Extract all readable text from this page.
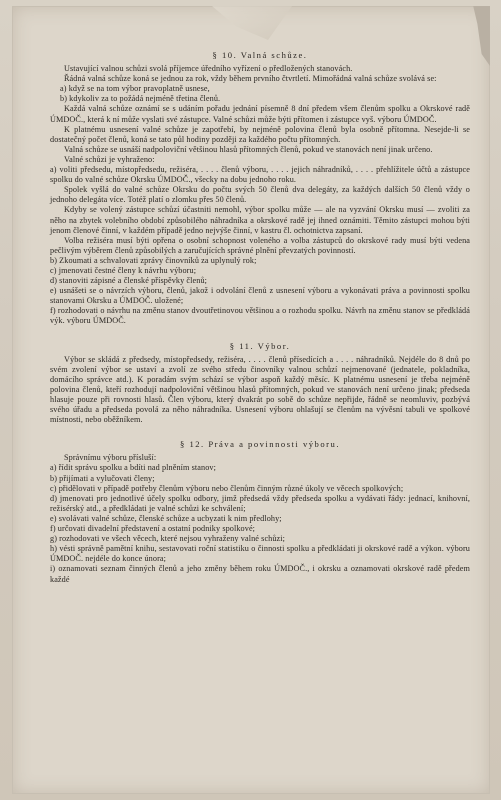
§ 10. Valná schůze.

Ustavující valnou schůzi svolá příjemce úředního vyřízení o předložených stanovách.

Řádná valná schůze koná se jednou za rok, vždy během prvního čtvrtletí. Mimořádná valná schůze svolává se:

a) když se na tom výbor pravoplatně usnese,

b) kdykoliv za to požádá nejméně třetina členů.

Každá valná schůze oznámí se s udáním pořadu jednání písemně 8 dní předem všem členům spolku a Okrskové radě ÚMDOČ., která k ní může vyslati své zástupce. Valné schůzi může býti přítomen i zástupce vyš. výboru ÚMDOČ.

K platnému usnesení valné schůze je zapotřebí, by nejméně polovina členů byla osobně přítomna. Nesejde-li se dostatečný počet členů, koná se tato půl hodiny později za každého počtu přítomných.

Valná schůze se usnáší nadpoloviční většinou hlasů přítomných členů, pokud ve stanovách není jinak určeno.

Valné schůzi je vyhraženo:

a) voliti předsedu, místopředsedu, režiséra, . . . . členů výboru, . . . . jejich náhradníků, . . . . přehlížitele účtů a zástupce spolku do valné schůze Okrsku ÚMDOČ., všecky na dobu jednoho roku.

Spolek vyšlá do valné schůze Okrsku do počtu svých 50 členů dva delegáty, za každých dalších 50 členů vždy o jednoho delegáta více. Totéž platí o zlomku přes 50 členů.

Kdyby se volený zástupce schůzí účastniti nemohl, výbor spolku může — ale na vyzvání Okrsku musí — zvoliti za něho na zbytek volebního období způsobilého náhradníka a okrskové radě jej ihned oznámiti. Těmito zástupci mohou býti jenom členové činní, v každém případě jedno nejvýše činní, v kastru čl. ochotnictva zapsaní.

Volba režiséra musí býti opřena o osobní schopnost voleného a volba zástupců do okrskové rady musí býti vedena pečlivým výběrem členů způsobilých a zaručujících správné plnění převzatých povinností.

b) Zkoumati a schvalovati zprávy činovníků za uplynulý rok;

c) jmenovati čestné členy k návrhu výboru;

d) stanoviti zápisné a členské příspěvky členů;

e) usnášeti se o návrzích výboru, členů, jakož i odvolání členů z usnesení výboru a vykonávati práva a povinnosti spolku stanovami Okrsku a ÚMDOČ. uložené;

f) rozhodovati o návrhu na změnu stanov dvoutřetinovou většinou a o rozhodu spolku. Návrh na změnu stanov se předkládá výk. výboru ÚMDOČ.

§ 11. Výbor.

Výbor se skládá z předsedy, místopředsedy, režiséra, . . . . členů přísedících a . . . . náhradníků. Nejdéle do 8 dnů po svém zvolení výbor se ustaví a zvolí ze svého středu činovníky valnou schůzí nejmenované (jednatele, pokladníka, domácího správce atd.). K poradám svým schází se výbor aspoň každý měsíc. K platnému usnesení je třeba nejméně polovina členů, kteří rozhodují nadpoloviční většinou hlasů přítomných, pokud ve stanovách není určeno jinak; předseda hlasuje pouze při rovnosti hlasů. Člen výboru, který dvakrát po sobě do schůze nepřijde, řádně se neomluviv, pozbývá svého úřadu a předseda povolá za něho náhradníka. Usnesení výboru ohlašují se členům na vývěsní tabuli ve spolkové místnosti, nebo oběžníkem.

§ 12. Práva a povinnosti výboru.

Správnímu výboru přísluší:

a) řídit správu spolku a bdíti nad plněním stanov;

b) přijímati a vylučovati členy;

c) přidělovati v případě potřeby členům výboru nebo členům činným různé úkoly ve věcech spolkových;

d) jmenovati pro jednotlivé účely spolku odbory, jimž předsedá vždy předseda spolku a vydávati řády: jednací, knihovní, režisérský atd., a předkládati je valné schůzi ke schválení;

e) svolávati valné schůze, členské schůze a ucbyzati k nim předlohy;

f) určovati divadelní představení a ostatní podniky spolkové;

g) rozhodovati ve všech věcech, které nejsou vyhraženy valné schůzi;

h) vésti správně pamětní knihu, sestavovati roční statistiku o činnosti spolku a předkládati ji okrskové radě a výkon. výboru ÚMDOČ. nejdéle do konce února;

i) oznamovati seznam činných členů a jeho změny během roku ÚMDOČ., i okrsku a oznamovati okrskové radě předem každé
